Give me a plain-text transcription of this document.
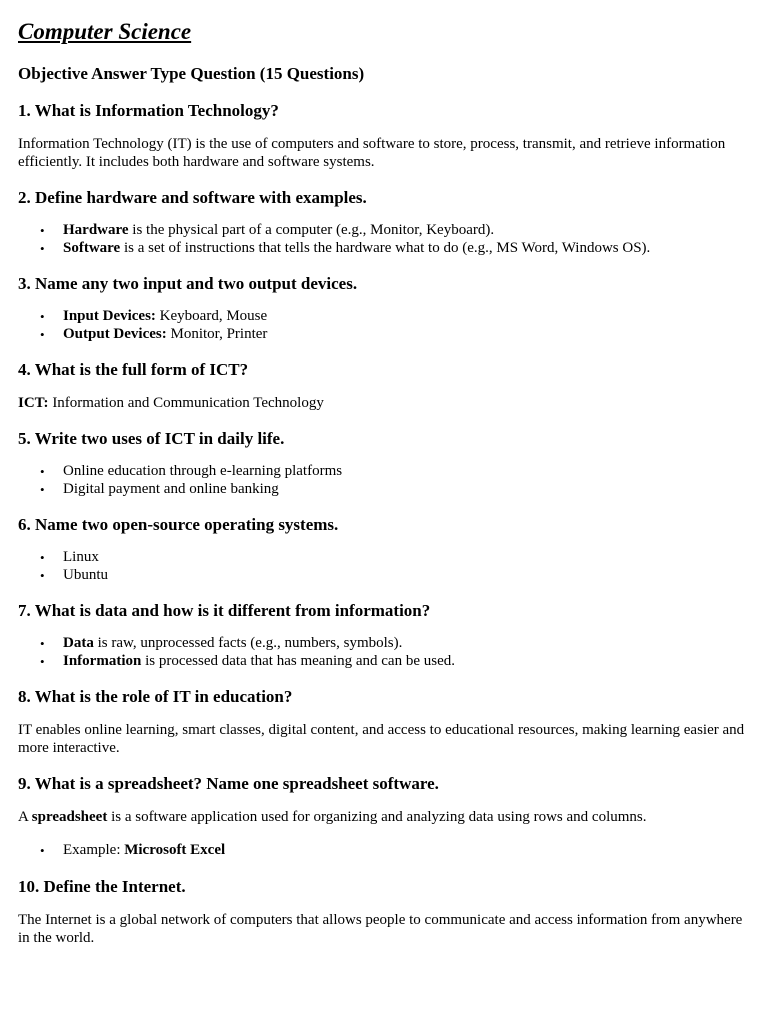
Computer Science
Objective Answer Type Question (15 Questions)
1. What is Information Technology?

Information Technology (IT) is the use of computers and software to store, process, transmit, and retrieve information efficiently. It includes both hardware and software systems.

2. Define hardware and software with examples.
• Hardware is the physical part of a computer (e.g., Monitor, Keyboard).
• Software is a set of instructions that tells the hardware what to do (e.g., MS Word, Windows OS).
3. Name any two input and two output devices.
• Input Devices: Keyboard, Mouse
• Output Devices: Monitor, Printer
4. What is the full form of ICT?

ICT: Information and Communication Technology

5. Write two uses of ICT in daily life.
• Online education through e-learning platforms
• Digital payment and online banking
6. Name two open-source operating systems.
• Linux
• Ubuntu
7. What is data and how is it different from information?
• Data is raw, unprocessed facts (e.g., numbers, symbols).
• Information is processed data that has meaning and can be used.
8. What is the role of IT in education?

IT enables online learning, smart classes, digital content, and access to educational resources, making learning easier and more interactive.

9. What is a spreadsheet? Name one spreadsheet software.

A spreadsheet is a software application used for organizing and analyzing data using rows and columns.

• Example: Microsoft Excel
10. Define the Internet.

The Internet is a global network of computers that allows people to communicate and access information from anywhere in the world.
